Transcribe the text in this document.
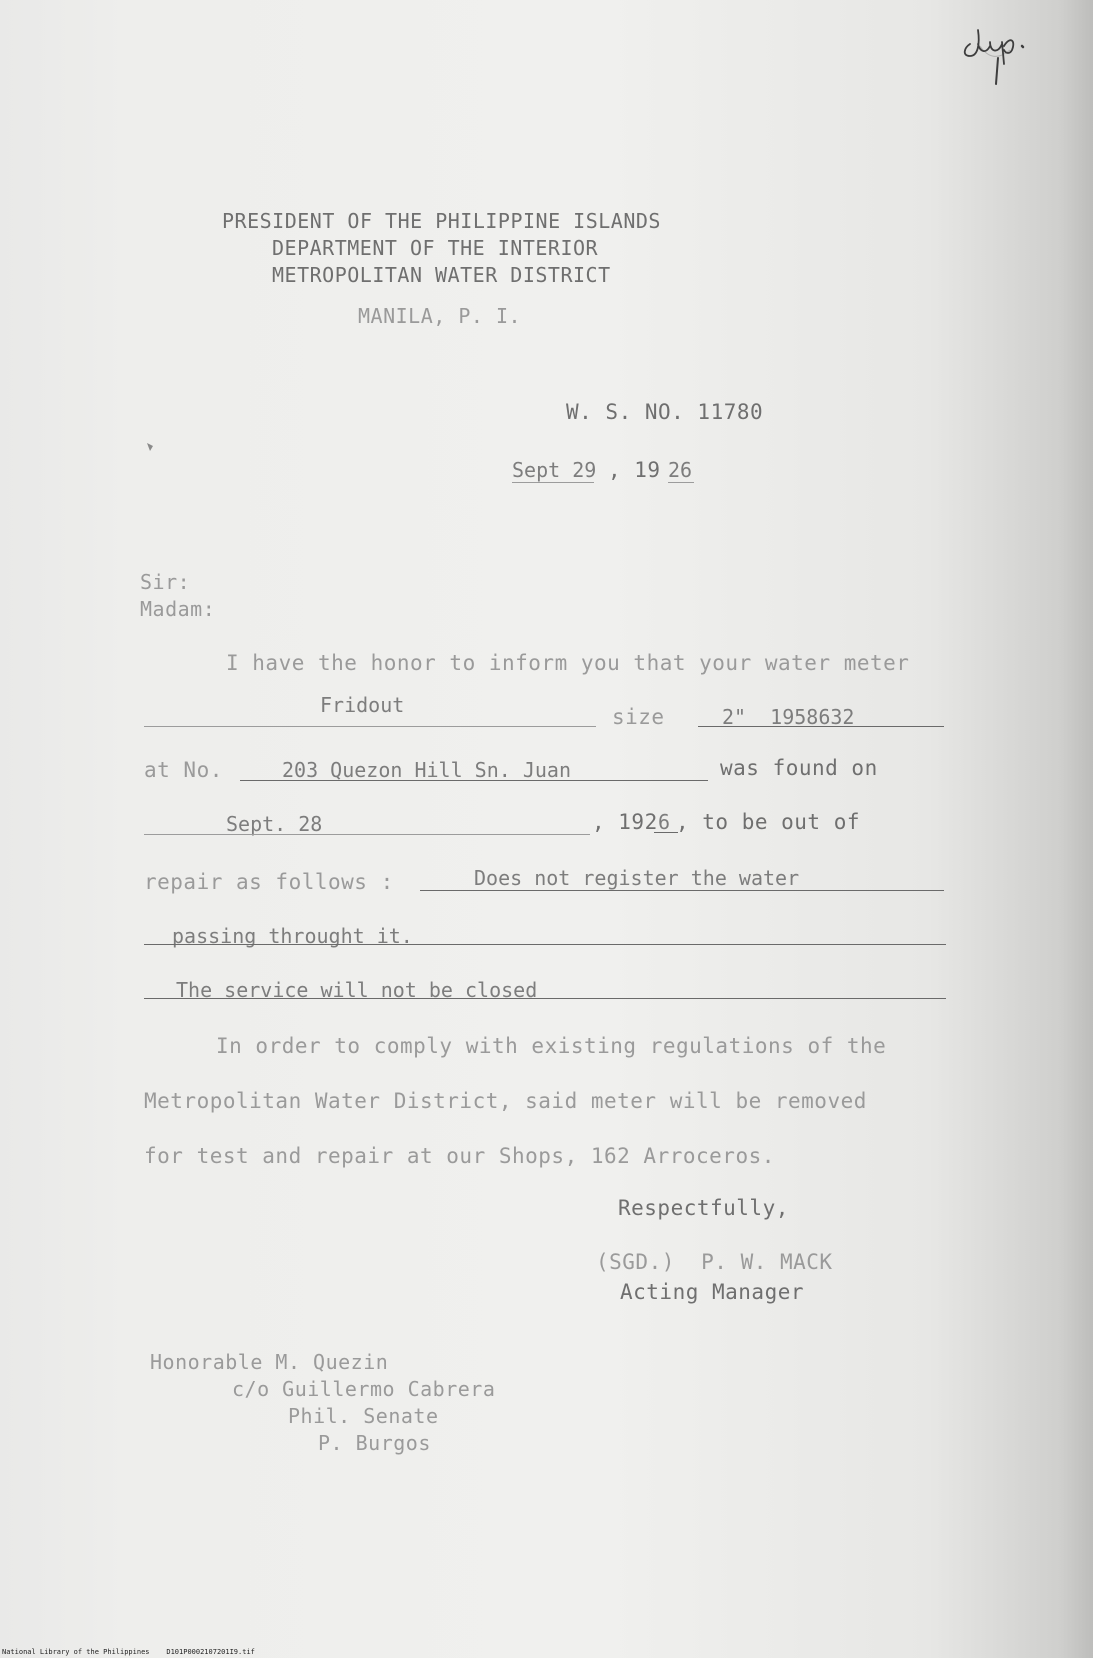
PRESIDENT OF THE PHILIPPINE ISLANDS
DEPARTMENT OF THE INTERIOR
METROPOLITAN WATER DISTRICT
MANILA, P. I.
W. S. NO. 11780
Sept 29 , 19 26
Sir:
Madam:
I have the honor to inform you that your water meter
Fridout	size	2"  1958632
at No.	203 Quezon Hill Sn. Juan	was found on
Sept. 28	, 192 6 , to be out of
repair as follows :	Does not register the water
passing throught it.
The service will not be closed
In order to comply with existing regulations of the
Metropolitan Water District, said meter will be removed
for test and repair at our Shops, 162 Arroceros.
Respectfully,
(SGD.)  P. W. MACK
Acting Manager
Honorable M. Quezin
c/o Guillermo Cabrera
Phil. Senate
P. Burgos
National Library of the Philippines D101P0002107201I9.tif
